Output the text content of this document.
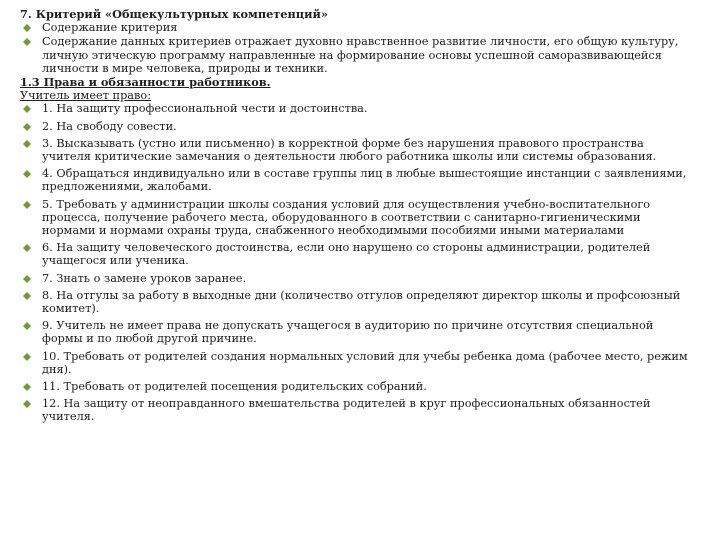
7. Критерий «Общекультурных компетенций»

Содержание критерия
Содержание данных критериев отражает духовно нравственное развитие личности, его общую культуру, личную этическую программу направленные на формирование основы успешной саморазвивающейся личности в мире человека, природы и техники.

1.3 Права и обязанности работников.

Учитель имеет право:

1. На защиту профессиональной чести и достоинства.
2. На свободу совести.
3. Высказывать (устно или письменно) в корректной форме без нарушения правового пространства учителя критические замечания о деятельности любого работника школы или системы образования.
4. Обращаться индивидуально или в составе группы лиц в любые вышестоящие инстанции с заявлениями, предложениями, жалобами.
5. Требовать у администрации школы создания условий для осуществления учебно-воспитательного процесса, получение рабочего места, оборудованного в соответствии с санитарно-гигиеническими нормами и нормами охраны труда, снабженного необходимыми пособиями иными материалами
6. На защиту человеческого достоинства, если оно нарушено со стороны администрации, родителей учащегося или ученика.
7. Знать о замене уроков заранее.
8. На отгулы за работу в выходные дни (количество отгулов определяют директор школы и профсоюзный комитет).
9. Учитель не имеет права не допускать учащегося в аудиторию по причине отсутствия специальной формы и по любой другой причине.
10. Требовать от родителей создания нормальных условий для учебы ребенка дома (рабочее место, режим дня).
11. Требовать от родителей посещения родительских собраний.
12. На защиту от неоправданного вмешательства родителей в круг профессиональных обязанностей учителя.
